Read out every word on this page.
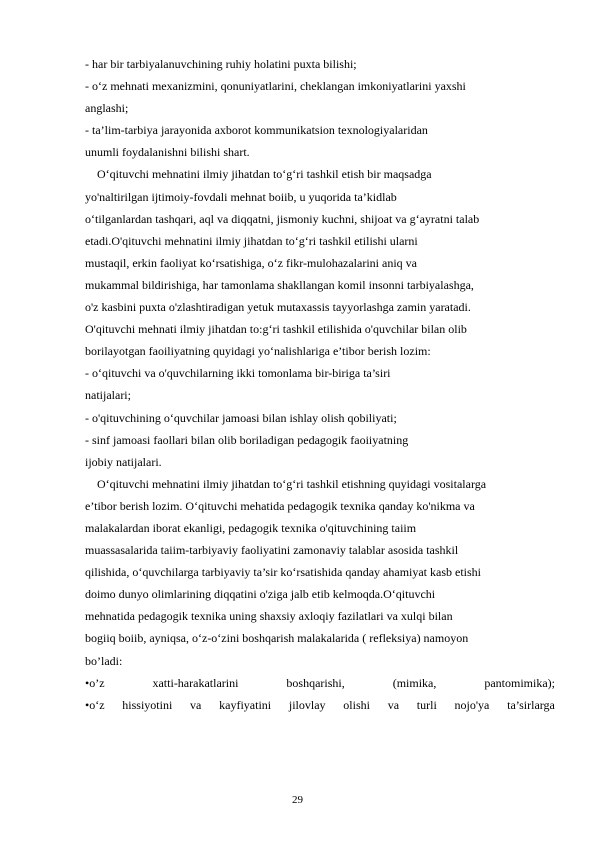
- har bir tarbiyalanuvchining ruhiy holatini puxta bilishi;
- o‘z mehnati mexanizmini, qonuniyatlarini, cheklangan imkoniyatlarini yaxshi
anglashi;
- ta’lim-tarbiya jarayonida axborot kommunikatsion texnologiyalaridan
unumli foydalanishni bilishi shart.
O‘qituvchi mehnatini ilmiy jihatdan to‘g‘ri tashkil etish bir maqsadga
yo'naltirilgan ijtimoiy-fovdali mehnat boiib, u yuqorida ta’kidlab
o‘tilganlardan tashqari, aql va diqqatni, jismoniy kuchni, shijoat va g‘ayratni talab
etadi.O'qituvchi mehnatini ilmiy jihatdan to‘g‘ri tashkil etilishi ularni
mustaqil, erkin faoliyat ko‘rsatishiga, o‘z fikr-mulohazalarini aniq va
mukammal bildirishiga, har tamonlama shakllangan komil insonni tarbiyalashga,
o'z kasbini puxta o'zlashtiradigan yetuk mutaxassis tayyorlashga zamin yaratadi.
O'qituvchi mehnati ilmiy jihatdan to:g‘ri tashkil etilishida o'quvchilar bilan olib
borilayotgan faoiliyatning quyidagi yo‘nalishlariga e’tibor berish lozim:
- o‘qituvchi va o'quvchilarning ikki tomonlama bir-biriga ta’siri
natijalari;
- o'qituvchining o‘quvchilar jamoasi bilan ishlay olish qobiliyati;
- sinf jamoasi faollari bilan olib boriladigan pedagogik faoiiyatning
ijobiy natijalari.
O‘qituvchi mehnatini ilmiy jihatdan to‘g‘ri tashkil etishning quyidagi vositalarga
e’tibor berish lozim. O‘qituvchi mehatida pedagogik texnika qanday ko'nikma va
malakalardan iborat ekanligi, pedagogik texnika o'qituvchining taiim
muassasalarida taiim-tarbiyaviy faoliyatini zamonaviy talablar asosida tashkil
qilishida, o‘quvchilarga tarbiyaviy ta’sir ko‘rsatishida qanday ahamiyat kasb etishi
doimo dunyo olimlarining diqqatini o'ziga jalb etib kelmoqda.O‘qituvchi
mehnatida pedagogik texnika uning shaxsiy axloqiy fazilatlari va xulqi bilan
bogiiq boiib, ayniqsa, o‘z-o‘zini boshqarish malakalarida ( refleksiya) namoyon
bo’ladi:
•o’z	xatti-harakatlarini	boshqarishi,	(mimika,	pantomimika);
•o‘z hissiyotini va kayfiyatini jilovlay olishi va turli nojo'ya ta’sirlarga
29
